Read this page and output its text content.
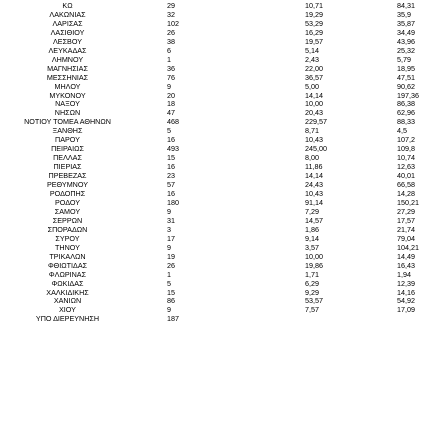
ΚΩ	29	10,71	84,31
ΛΑΚΩΝΙΑΣ	32	19,29	35,9
ΛΑΡΙΣΑΣ	102	53,29	35,87
ΛΑΣΙΘΙΟΥ	26	16,29	34,49
ΛΕΣΒΟΥ	38	19,57	43,96
ΛΕΥΚΑΔΑΣ	6	5,14	25,32
ΛΗΜΝΟΥ	1	2,43	5,79
ΜΑΓΝΗΣΙΑΣ	36	22,00	18,95
ΜΕΣΣΗΝΙΑΣ	76	36,57	47,51
ΜΗΛΟΥ	9	5,00	90,62
ΜΥΚΟΝΟΥ	20	14,14	197,36
ΝΑΞΟΥ	18	10,00	86,38
ΝΗΣΩΝ	47	20,43	62,96
ΝΟΤΙΟΥ ΤΟΜΕΑ ΑΘΗΝΩΝ	468	229,57	88,33
ΞΑΝΘΗΣ	5	8,71	4,5
ΠΑΡΟΥ	16	10,43	107,2
ΠΕΙΡΑΙΩΣ	493	245,00	109,8
ΠΕΛΛΑΣ	15	8,00	10,74
ΠΙΕΡΙΑΣ	16	11,86	12,63
ΠΡΕΒΕΖΑΣ	23	14,14	40,01
ΡΕΘΥΜΝΟΥ	57	24,43	66,58
ΡΟΔΟΠΗΣ	16	10,43	14,28
ΡΟΔΟΥ	180	91,14	150,21
ΣΑΜΟΥ	9	7,29	27,29
ΣΕΡΡΩΝ	31	14,57	17,57
ΣΠΟΡΑΔΩΝ	3	1,86	21,74
ΣΥΡΟΥ	17	9,14	79,04
ΤΗΝΟΥ	9	3,57	104,21
ΤΡΙΚΑΛΩΝ	19	10,00	14,49
ΦΘΙΩΤΙΔΑΣ	26	19,86	16,43
ΦΛΩΡΙΝΑΣ	1	1,71	1,94
ΦΩΚΙΔΑΣ	5	6,29	12,39
ΧΑΛΚΙΔΙΚΗΣ	15	9,29	14,16
ΧΑΝΙΩΝ	86	53,57	54,92
ΧΙΟΥ	9	7,57	17,09
ΥΠΟ ΔΙΕΡΕΥΝΗΣΗ	187		
